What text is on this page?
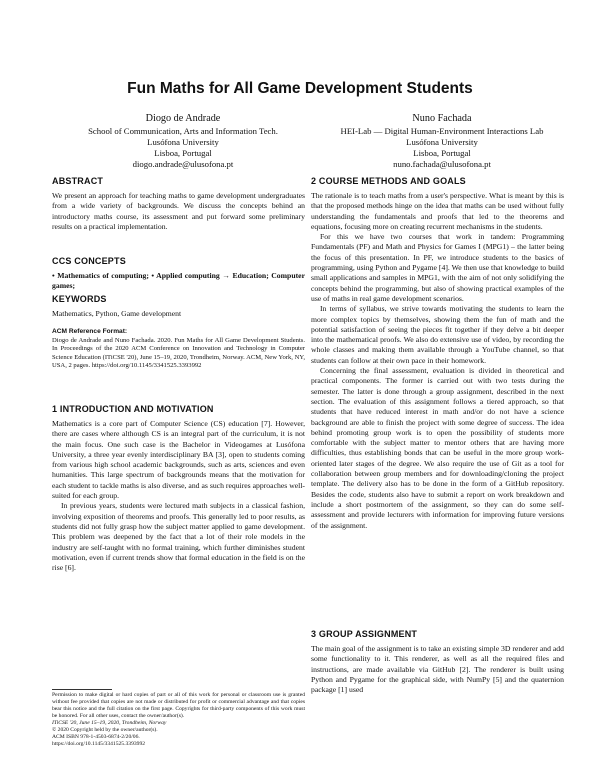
Fun Maths for All Game Development Students
Diogo de Andrade
School of Communication, Arts and Information Tech.
Lusófona University
Lisboa, Portugal
diogo.andrade@ulusofona.pt
Nuno Fachada
HEI-Lab — Digital Human-Environment Interactions Lab
Lusófona University
Lisboa, Portugal
nuno.fachada@ulusofona.pt
ABSTRACT

We present an approach for teaching maths to game development undergraduates from a wide variety of backgrounds. We discuss the concepts behind an introductory maths course, its assessment and put forward some preliminary results on a practical implementation.

CCS CONCEPTS

• Mathematics of computing; • Applied computing → Education; Computer games;

KEYWORDS

Mathematics, Python, Game development

ACM Reference Format:
Diogo de Andrade and Nuno Fachada. 2020. Fun Maths for All Game Development Students. In Proceedings of the 2020 ACM Conference on Innovation and Technology in Computer Science Education (ITiCSE '20), June 15–19, 2020, Trondheim, Norway. ACM, New York, NY, USA, 2 pages. https://doi.org/10.1145/3341525.3393992
1 INTRODUCTION AND MOTIVATION

Mathematics is a core part of Computer Science (CS) education [7]. However, there are cases where although CS is an integral part of the curriculum, it is not the main focus. One such case is the Bachelor in Videogames at Lusófona University, a three year evenly interdisciplinary BA [3], open to students coming from various high school academic backgrounds, such as arts, sciences and even humanities. This large spectrum of backgrounds means that the motivation for each student to tackle maths is also diverse, and as such requires approaches well-suited for each group.

In previous years, students were lectured math subjects in a classical fashion, involving exposition of theorems and proofs. This generally led to poor results, as students did not fully grasp how the subject matter applied to game development. This problem was deepened by the fact that a lot of their role models in the industry are self-taught with no formal training, which further diminishes student motivation, even if current trends show that formal education in the field is on the rise [6].

Permission to make digital or hard copies of part or all of this work for personal or classroom use is granted without fee provided that copies are not made or distributed for profit or commercial advantage and that copies bear this notice and the full citation on the first page. Copyrights for third-party components of this work must be honored. For all other uses, contact the owner/author(s).
ITiCSE '20, June 15–19, 2020, Trondheim, Norway
© 2020 Copyright held by the owner/author(s).
ACM ISBN 978-1-4503-6874-2/20/06.
https://doi.org/10.1145/3341525.3393992
2 COURSE METHODS AND GOALS

The rationale is to teach maths from a user's perspective. What is meant by this is that the proposed methods hinge on the idea that maths can be used without fully understanding the fundamentals and proofs that led to the theorems and equations, focusing more on creating recurrent mechanisms in the students.

For this we have two courses that work in tandem: Programming Fundamentals (PF) and Math and Physics for Games I (MPG1) – the latter being the focus of this presentation. In PF, we introduce students to the basics of programming, using Python and Pygame [4]. We then use that knowledge to build small applications and samples in MPG1, with the aim of not only solidifying the concepts behind the programming, but also of showing practical examples of the use of maths in real game development scenarios.

In terms of syllabus, we strive towards motivating the students to learn the more complex topics by themselves, showing them the fun of math and the potential satisfaction of seeing the pieces fit together if they delve a bit deeper into the mathematical proofs. We also do extensive use of video, by recording the whole classes and making them available through a YouTube channel, so that students can follow at their own pace in their homework.

Concerning the final assessment, evaluation is divided in theoretical and practical components. The former is carried out with two tests during the semester. The latter is done through a group assignment, described in the next section. The evaluation of this assignment follows a tiered approach, so that students that have reduced interest in math and/or do not have a science background are able to finish the project with some degree of success. The idea behind promoting group work is to open the possibility of students more comfortable with the subject matter to mentor others that are having more difficulties, thus establishing bonds that can be useful in the more group work-oriented later stages of the degree. We also require the use of Git as a tool for collaboration between group members and for downloading/cloning the project template. The delivery also has to be done in the form of a GitHub repository. Besides the code, students also have to submit a report on work breakdown and include a short postmortem of the assignment, so they can do some self-assessment and provide lecturers with information for improving future versions of the assignment.

3 GROUP ASSIGNMENT

The main goal of the assignment is to take an existing simple 3D renderer and add some functionality to it. This renderer, as well as all the required files and instructions, are made available via GitHub [2]. The renderer is built using Python and Pygame for the graphical side, with NumPy [5] and the quaternion package [1] used
